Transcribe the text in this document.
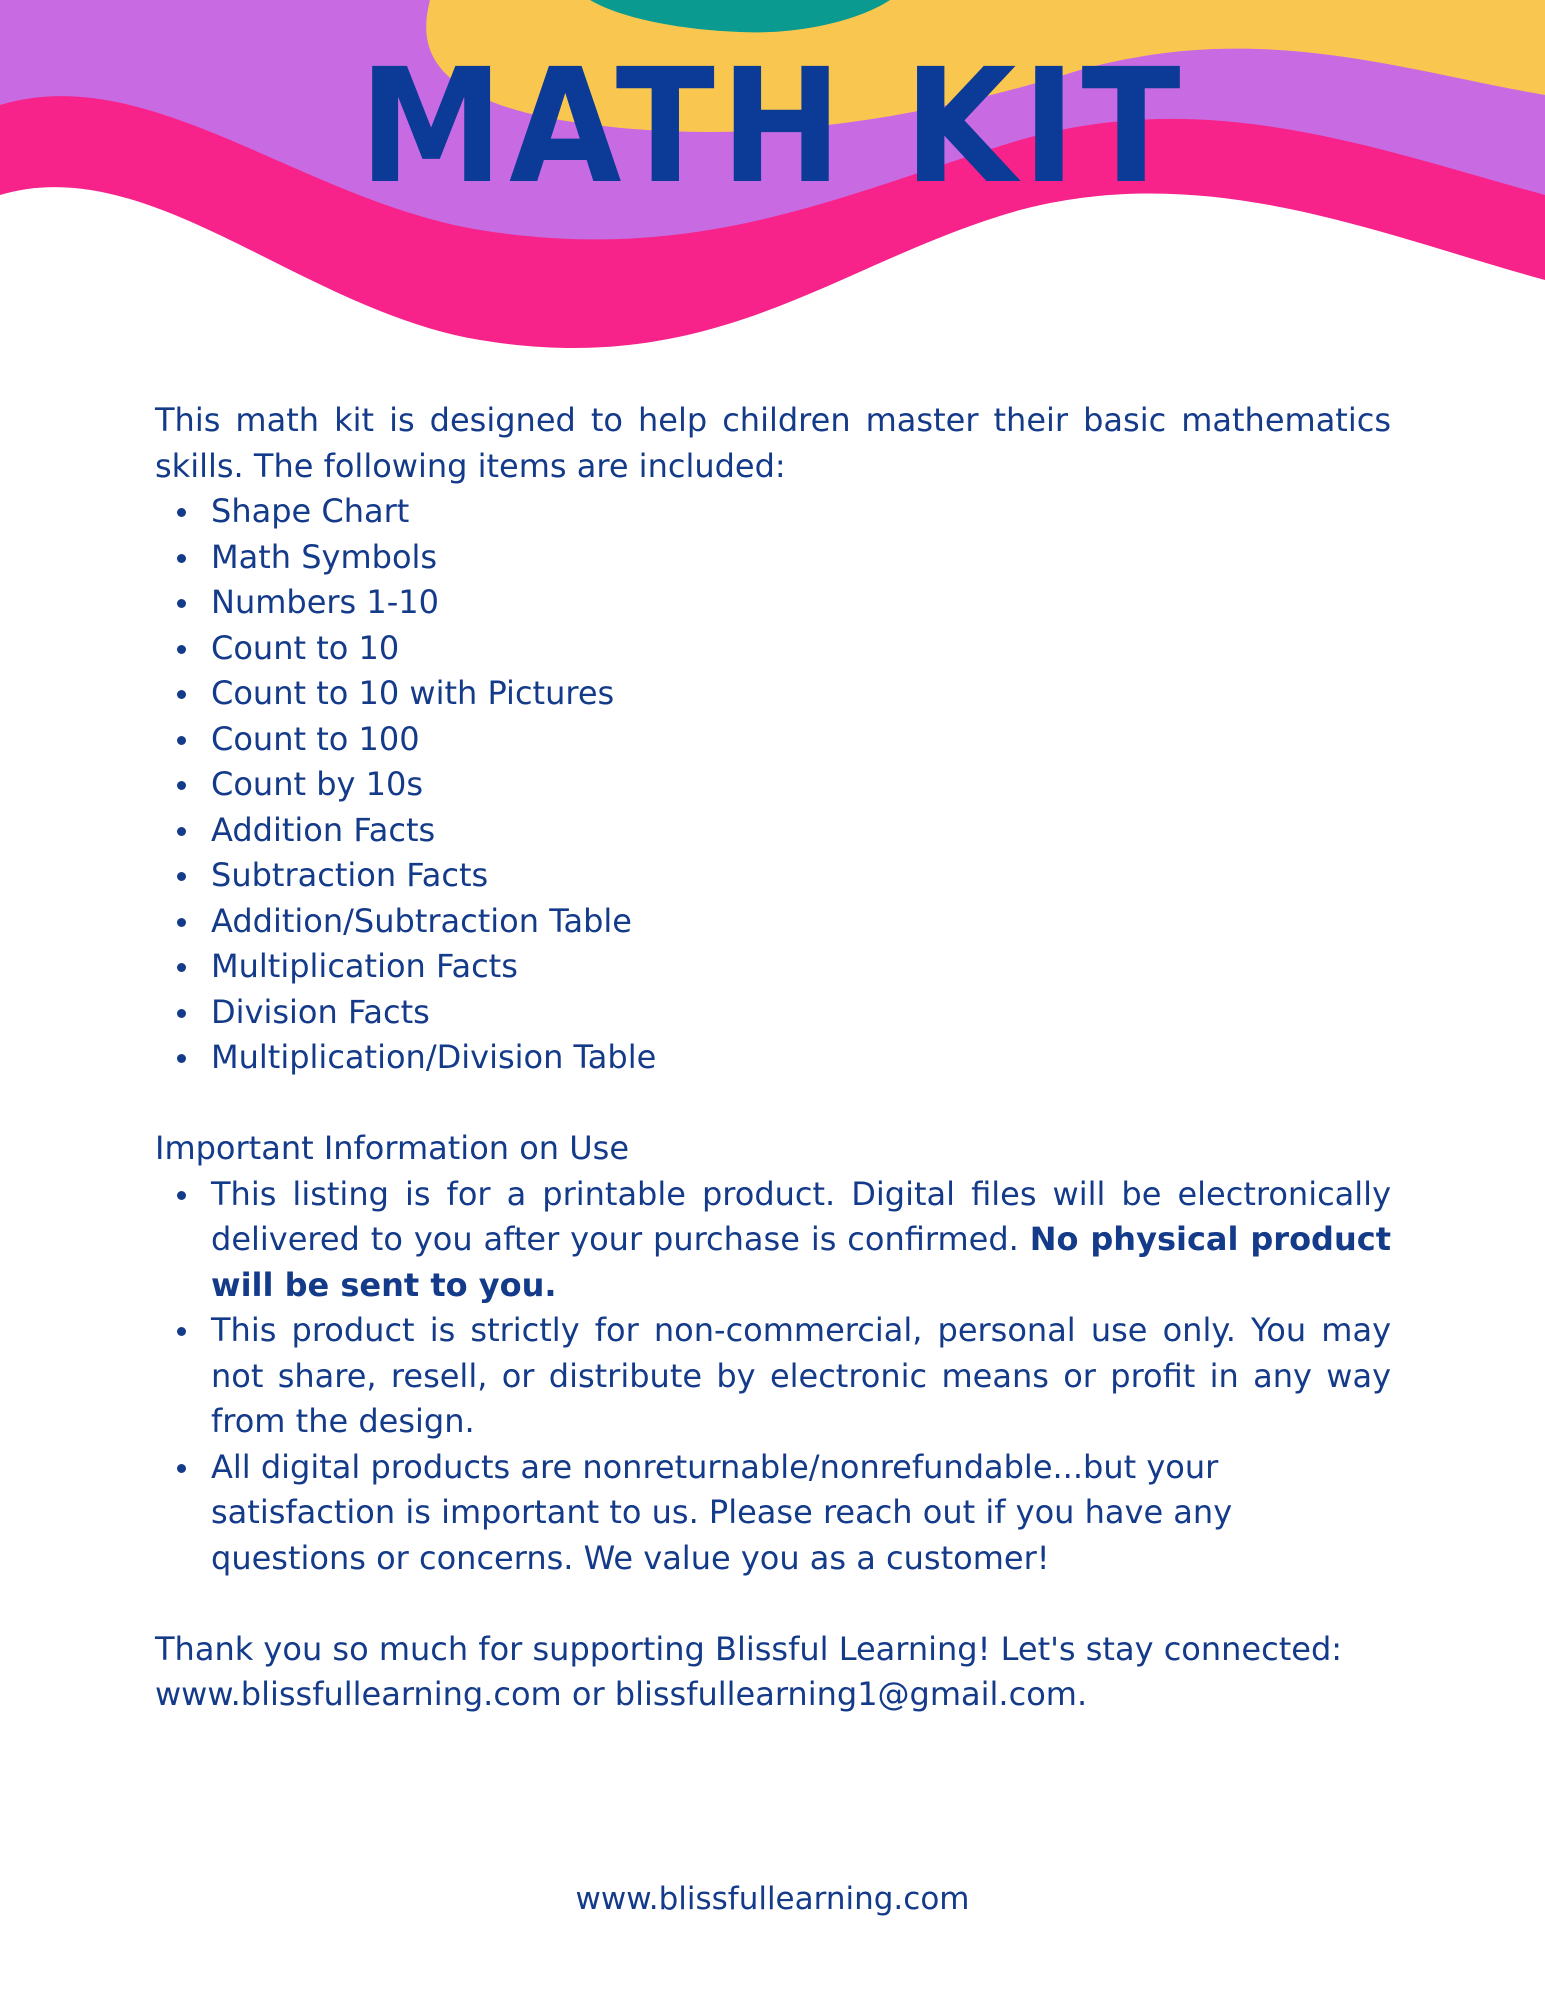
MATH KIT

This math kit is designed to help children master their basic mathematics skills. The following items are included:

Shape Chart
Math Symbols
Numbers 1-10
Count to 10
Count to 10 with Pictures
Count to 100
Count by 10s
Addition Facts
Subtraction Facts
Addition/Subtraction Table
Multiplication Facts
Division Facts
Multiplication/Division Table

Important Information on Use

This listing is for a printable product. Digital files will be electronically delivered to you after your purchase is confirmed. No physical product will be sent to you.
This product is strictly for non-commercial, personal use only. You may not share, resell, or distribute by electronic means or profit in any way from the design.
All digital products are nonreturnable/nonrefundable...but your satisfaction is important to us. Please reach out if you have any questions or concerns. We value you as a customer!
Thank you so much for supporting Blissful Learning! Let's stay connected:
www.blissfullearning.com or blissfullearning1@gmail.com.
www.blissfullearning.com
